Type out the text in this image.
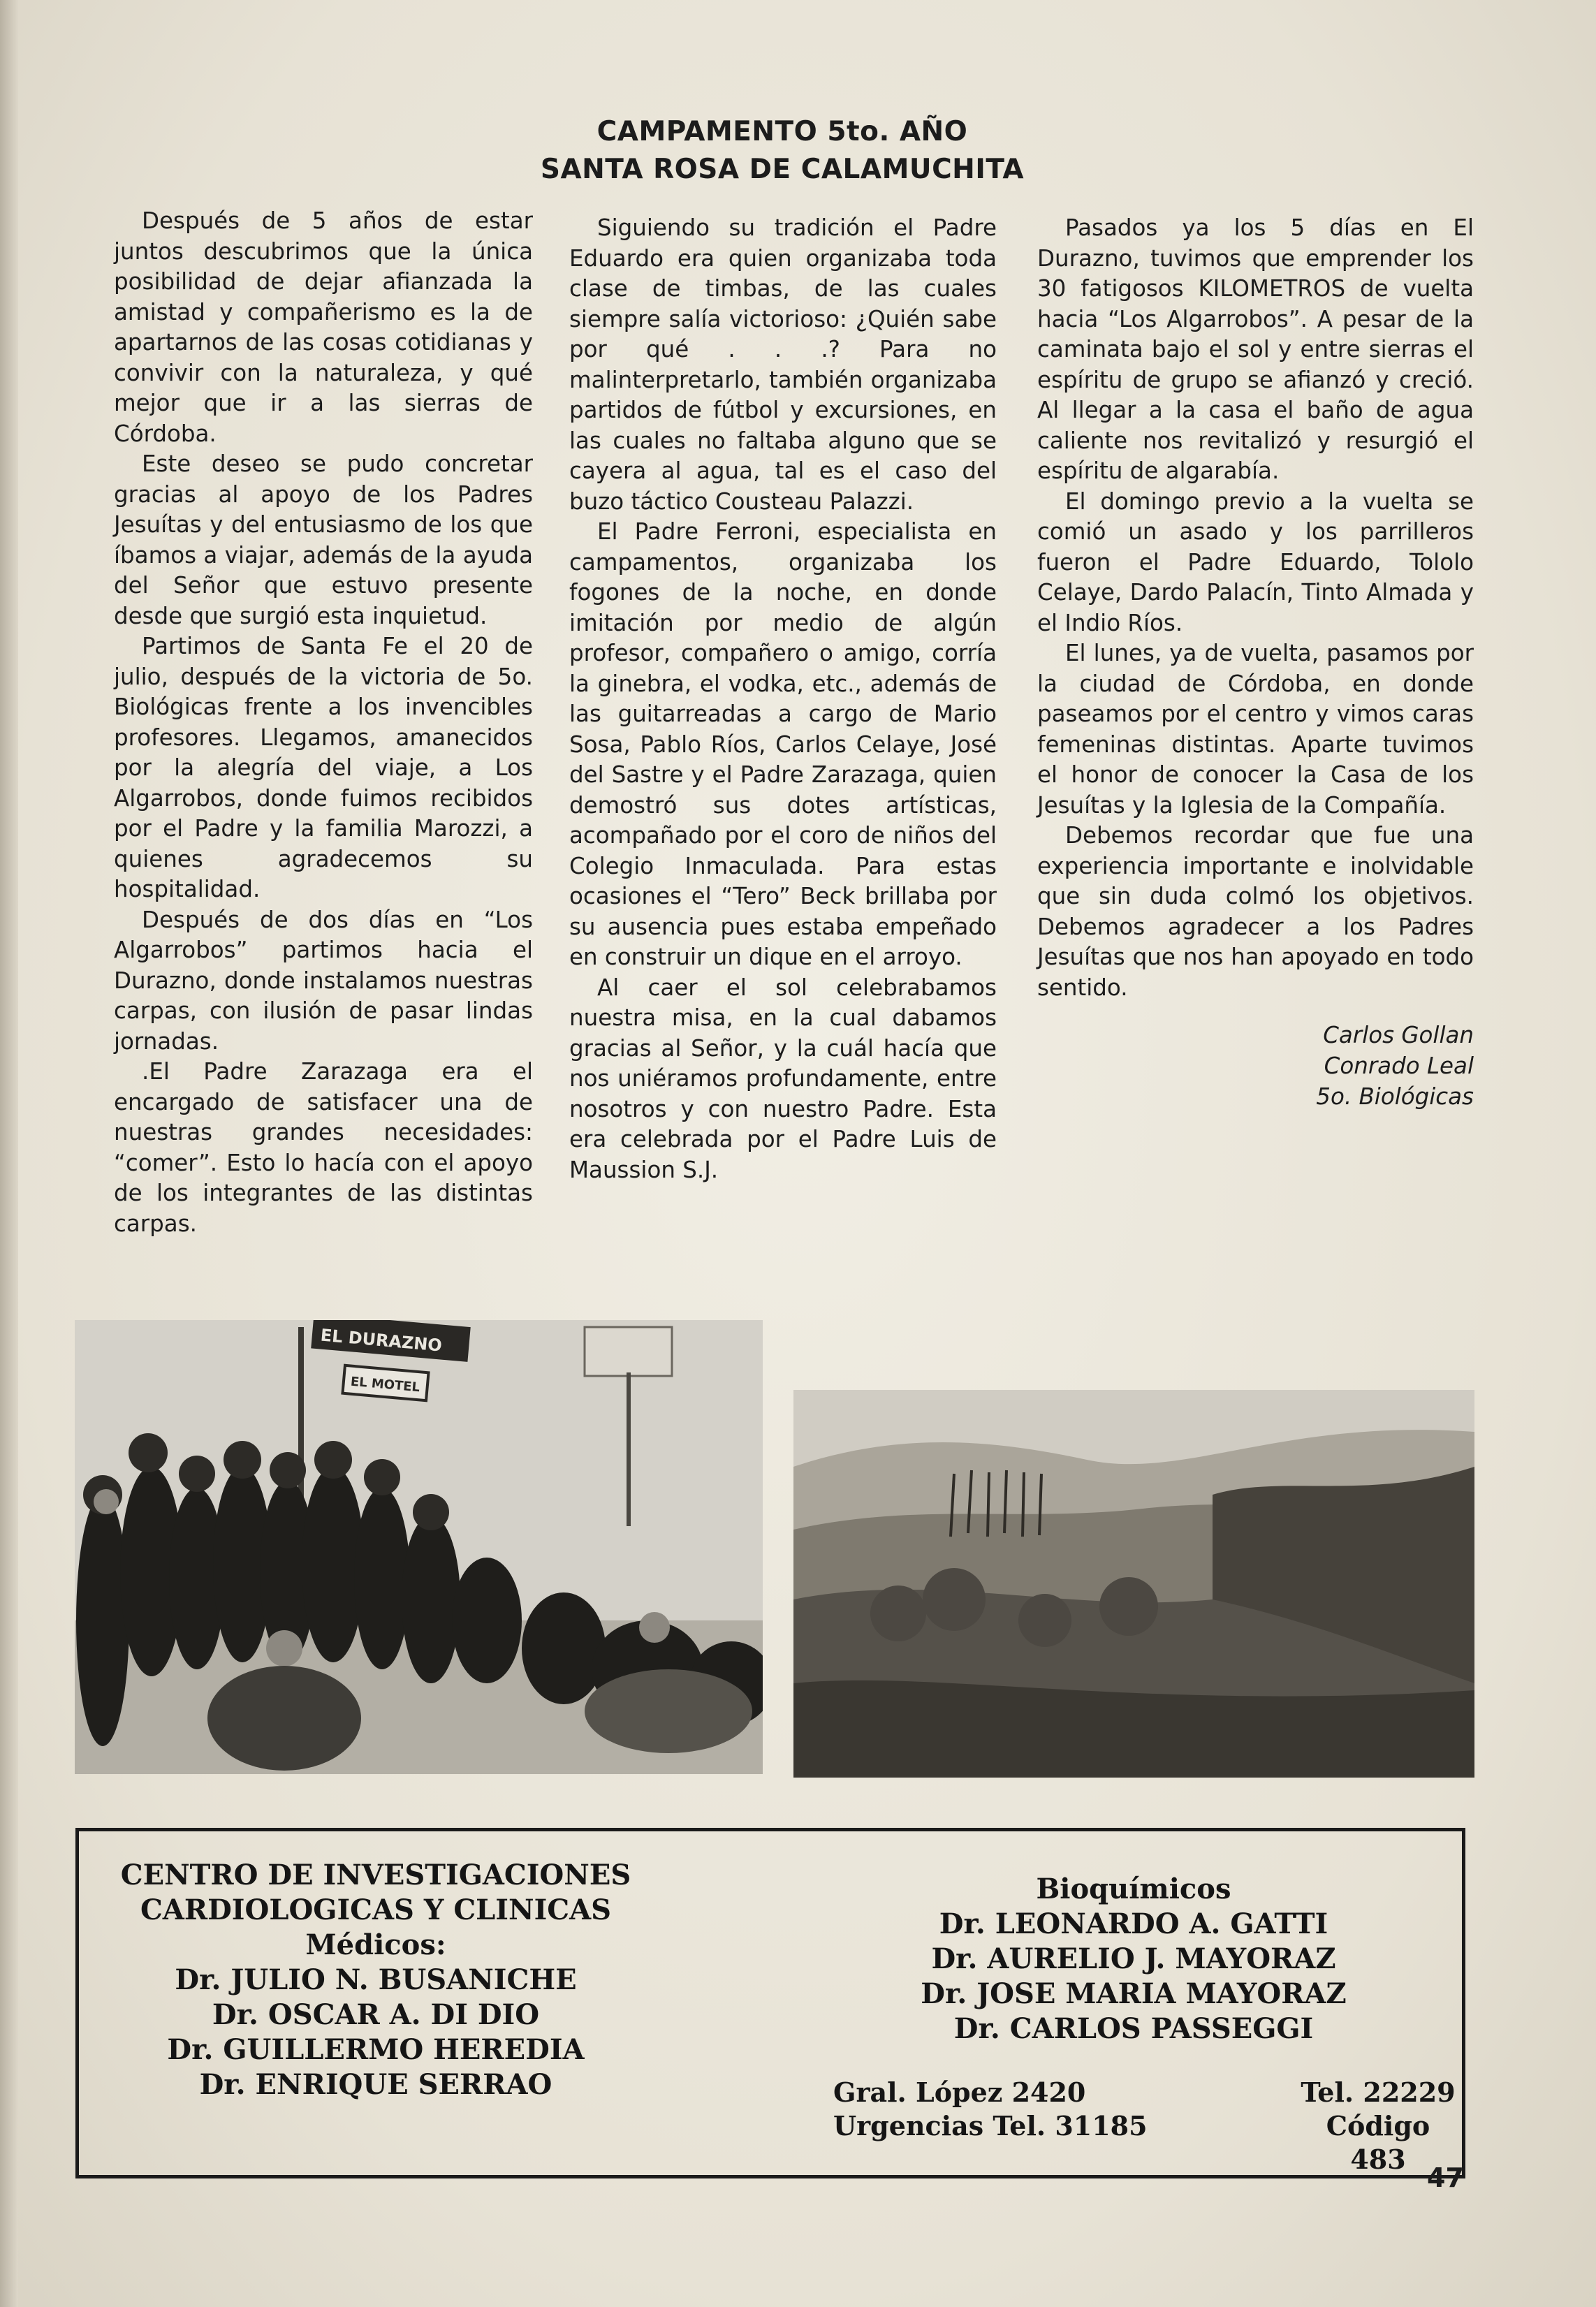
CAMPAMENTO 5to. AÑO
SANTA ROSA DE CALAMUCHITA

Después de 5 años de estar juntos descubrimos que la única posibilidad de dejar afianzada la amistad y compañerismo es la de apartarnos de las cosas cotidianas y convivir con la naturaleza, y qué mejor que ir a las sierras de Córdoba.

Este deseo se pudo concretar gracias al apoyo de los Padres Jesuítas y del entusiasmo de los que íbamos a viajar, además de la ayuda del Señor que estuvo presente desde que surgió esta inquietud.

Partimos de Santa Fe el 20 de julio, después de la victoria de 5o. Biológicas frente a los invencibles profesores. Llegamos, amanecidos por la alegría del viaje, a Los Algarrobos, donde fuimos recibidos por el Padre y la familia Marozzi, a quienes agradecemos su hospitalidad.

Después de dos días en “Los Algarrobos” partimos hacia el Durazno, donde instalamos nuestras carpas, con ilusión de pasar lindas jornadas.

.El Padre Zarazaga era el encargado de satisfacer una de nuestras grandes necesidades: “comer”. Esto lo hacía con el apoyo de los integrantes de las distintas carpas.

Siguiendo su tradición el Padre Eduardo era quien organizaba toda clase de timbas, de las cuales siempre salía victorioso: ¿Quién sabe por qué . . .? Para no malinterpretarlo, también organizaba partidos de fútbol y excursiones, en las cuales no faltaba alguno que se cayera al agua, tal es el caso del buzo táctico Cousteau Palazzi.

El Padre Ferroni, especialista en campamentos, organizaba los fogones de la noche, en donde imitación por medio de algún profesor, compañero o amigo, corría la ginebra, el vodka, etc., además de las guitarreadas a cargo de Mario Sosa, Pablo Ríos, Carlos Celaye, José del Sastre y el Padre Zarazaga, quien demostró sus dotes artísticas, acompañado por el coro de niños del Colegio Inmaculada. Para estas ocasiones el “Tero” Beck brillaba por su ausencia pues estaba empeñado en construir un dique en el arroyo.

Al caer el sol celebrabamos nuestra misa, en la cual dabamos gracias al Señor, y la cuál hacía que nos uniéramos profundamente, entre nosotros y con nuestro Padre. Esta era celebrada por el Padre Luis de Maussion S.J.

Pasados ya los 5 días en El Durazno, tuvimos que emprender los 30 fatigosos KILOMETROS de vuelta hacia “Los Algarrobos”. A pesar de la caminata bajo el sol y entre sierras el espíritu de grupo se afianzó y creció. Al llegar a la casa el baño de agua caliente nos revitalizó y resurgió el espíritu de algarabía.

El domingo previo a la vuelta se comió un asado y los parrilleros fueron el Padre Eduardo, Tololo Celaye, Dardo Palacín, Tinto Almada y el Indio Ríos.

El lunes, ya de vuelta, pasamos por la ciudad de Córdoba, en donde paseamos por el centro y vimos caras femeninas distintas. Aparte tuvimos el honor de conocer la Casa de los Jesuítas y la Iglesia de la Compañía.

Debemos recordar que fue una experiencia importante e inolvidable que sin duda colmó los objetivos. Debemos agradecer a los Padres Jesuítas que nos han apoyado en todo sentido.

Carlos Gollan
Conrado Leal
5o. Biológicas
EL DURAZNO
EL MOTEL
CENTRO DE INVESTIGACIONES
CARDIOLOGICAS Y CLINICAS
Médicos:
Dr. JULIO N. BUSANICHE
Dr. OSCAR A. DI DIO
Dr. GUILLERMO HEREDIA
Dr. ENRIQUE SERRAO
Bioquímicos
Dr. LEONARDO A. GATTI
Dr. AURELIO J. MAYORAZ
Dr. JOSE MARIA MAYORAZ
Dr. CARLOS PASSEGGI
Gral. López 2420
Urgencias Tel. 31185
Tel. 22229
Código 483
47
